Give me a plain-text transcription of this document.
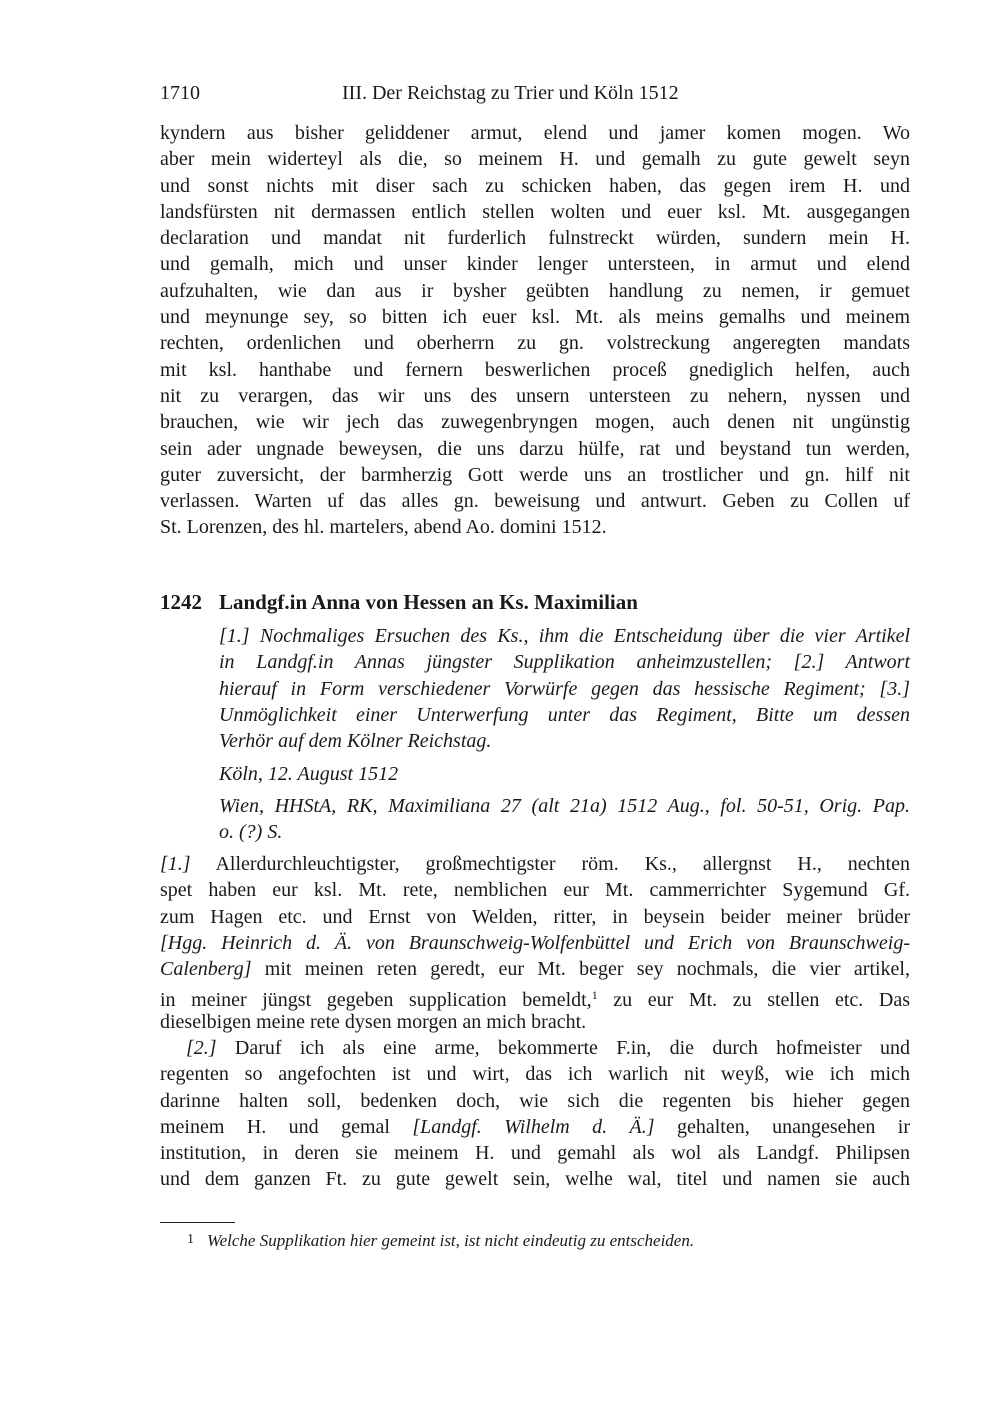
1710	III. Der Reichstag zu Trier und Köln 1512
kyndern aus bisher geliddener armut, elend und jamer komen mogen. Wo
aber mein widerteyl als die, so meinem H. und gemalh zu gute gewelt seyn
und sonst nichts mit diser sach zu schicken haben, das gegen irem H. und
landsfürsten nit dermassen entlich stellen wolten und euer ksl. Mt. ausgegangen
declaration und mandat nit furderlich fulnstreckt würden, sundern mein H.
und gemalh, mich und unser kinder lenger untersteen, in armut und elend
aufzuhalten, wie dan aus ir bysher geübten handlung zu nemen, ir gemuet
und meynunge sey, so bitten ich euer ksl. Mt. als meins gemalhs und meinem
rechten, ordenlichen und oberherrn zu gn. volstreckung angeregten mandats
mit ksl. hanthabe und fernern beswerlichen proceß gnediglich helfen, auch
nit zu verargen, das wir uns des unsern untersteen zu nehern, nyssen und
brauchen, wie wir jech das zuwegenbryngen mogen, auch denen nit ungünstig
sein ader ungnade beweysen, die uns darzu hülfe, rat und beystand tun werden,
guter zuversicht, der barmherzig Gott werde uns an trostlicher und gn. hilf nit
verlassen. Warten uf das alles gn. beweisung und antwurt. Geben zu Collen uf
St. Lorenzen, des hl. martelers, abend Ao. domini 1512.
1242 Landgf.in Anna von Hessen an Ks. Maximilian
[1.] Nochmaliges Ersuchen des Ks., ihm die Entscheidung über die vier Artikel
in Landgf.in Annas jüngster Supplikation anheimzustellen; [2.] Antwort
hierauf in Form verschiedener Vorwürfe gegen das hessische Regiment; [3.]
Unmöglichkeit einer Unterwerfung unter das Regiment, Bitte um dessen
Verhör auf dem Kölner Reichstag.
Köln, 12. August 1512
Wien, HHStA, RK, Maximiliana 27 (alt 21a) 1512 Aug., fol. 50-51, Orig. Pap.
o. (?) S.
[1.] Allerdurchleuchtigster, großmechtigster röm. Ks., allergnst H., nechten
spet haben eur ksl. Mt. rete, nemblichen eur Mt. cammerrichter Sygemund Gf.
zum Hagen etc. und Ernst von Welden, ritter, in beysein beider meiner brüder
[Hgg. Heinrich d. Ä. von Braunschweig-Wolfenbüttel und Erich von Braunschweig-
Calenberg] mit meinen reten geredt, eur Mt. beger sey nochmals, die vier artikel,
in meiner jüngst gegeben supplication bemeldt,$^1$ zu eur Mt. zu stellen etc. Das
dieselbigen meine rete dysen morgen an mich bracht.
[2.] Daruf ich als eine arme, bekommerte F.in, die durch hofmeister und
regenten so angefochten ist und wirt, das ich warlich nit weyß, wie ich mich
darinne halten soll, bedenken doch, wie sich die regenten bis hieher gegen
meinem H. und gemal [Landgf. Wilhelm d. Ä.] gehalten, unangesehen ir
institution, in deren sie meinem H. und gemahl als wol als Landgf. Philipsen
und dem ganzen Ft. zu gute gewelt sein, welhe wal, titel und namen sie auch
1 Welche Supplikation hier gemeint ist, ist nicht eindeutig zu entscheiden.
